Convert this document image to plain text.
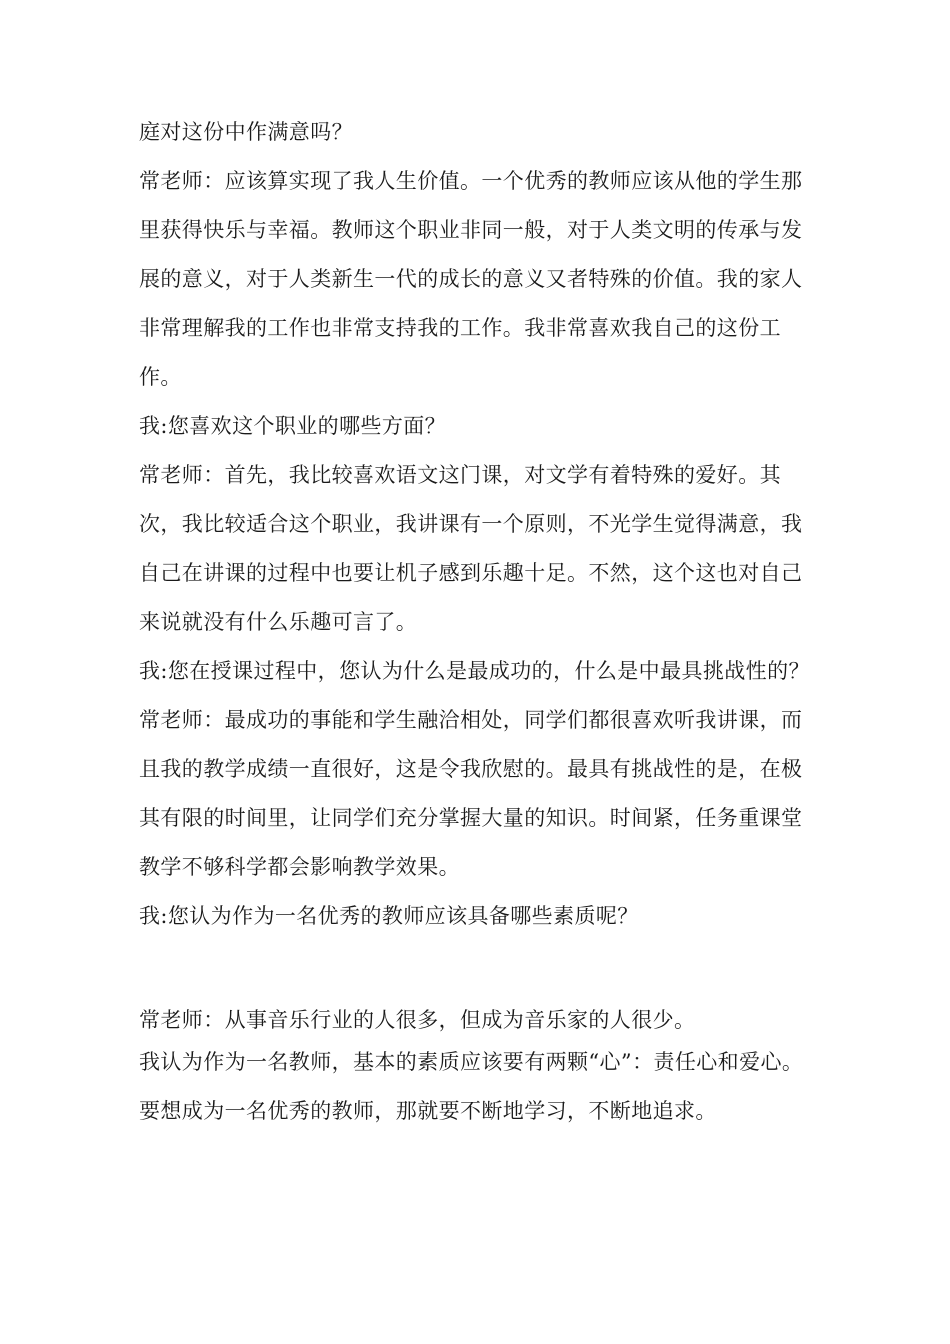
庭对这份中作满意吗？

常老师：应该算实现了我人生价值。一个优秀的教师应该从他的学生那里获得快乐与幸福。教师这个职业非同一般，对于人类文明的传承与发展的意义，对于人类新生一代的成长的意义又者特殊的价值。我的家人非常理解我的工作也非常支持我的工作。我非常喜欢我自己的这份工作。

我:您喜欢这个职业的哪些方面？

常老师：首先，我比较喜欢语文这门课，对文学有着特殊的爱好。其次，我比较适合这个职业，我讲课有一个原则，不光学生觉得满意，我自己在讲课的过程中也要让机子感到乐趣十足。不然，这个这也对自己来说就没有什么乐趣可言了。

我:您在授课过程中，您认为什么是最成功的，什么是中最具挑战性的？

常老师：最成功的事能和学生融洽相处，同学们都很喜欢听我讲课，而且我的教学成绩一直很好，这是令我欣慰的。最具有挑战性的是，在极其有限的时间里，让同学们充分掌握大量的知识。时间紧，任务重课堂教学不够科学都会影响教学效果。

我:您认为作为一名优秀的教师应该具备哪些素质呢？

常老师：从事音乐行业的人很多，但成为音乐家的人很少。

我认为作为一名教师，基本的素质应该要有两颗“心”：责任心和爱心。要想成为一名优秀的教师，那就要不断地学习，不断地追求。
